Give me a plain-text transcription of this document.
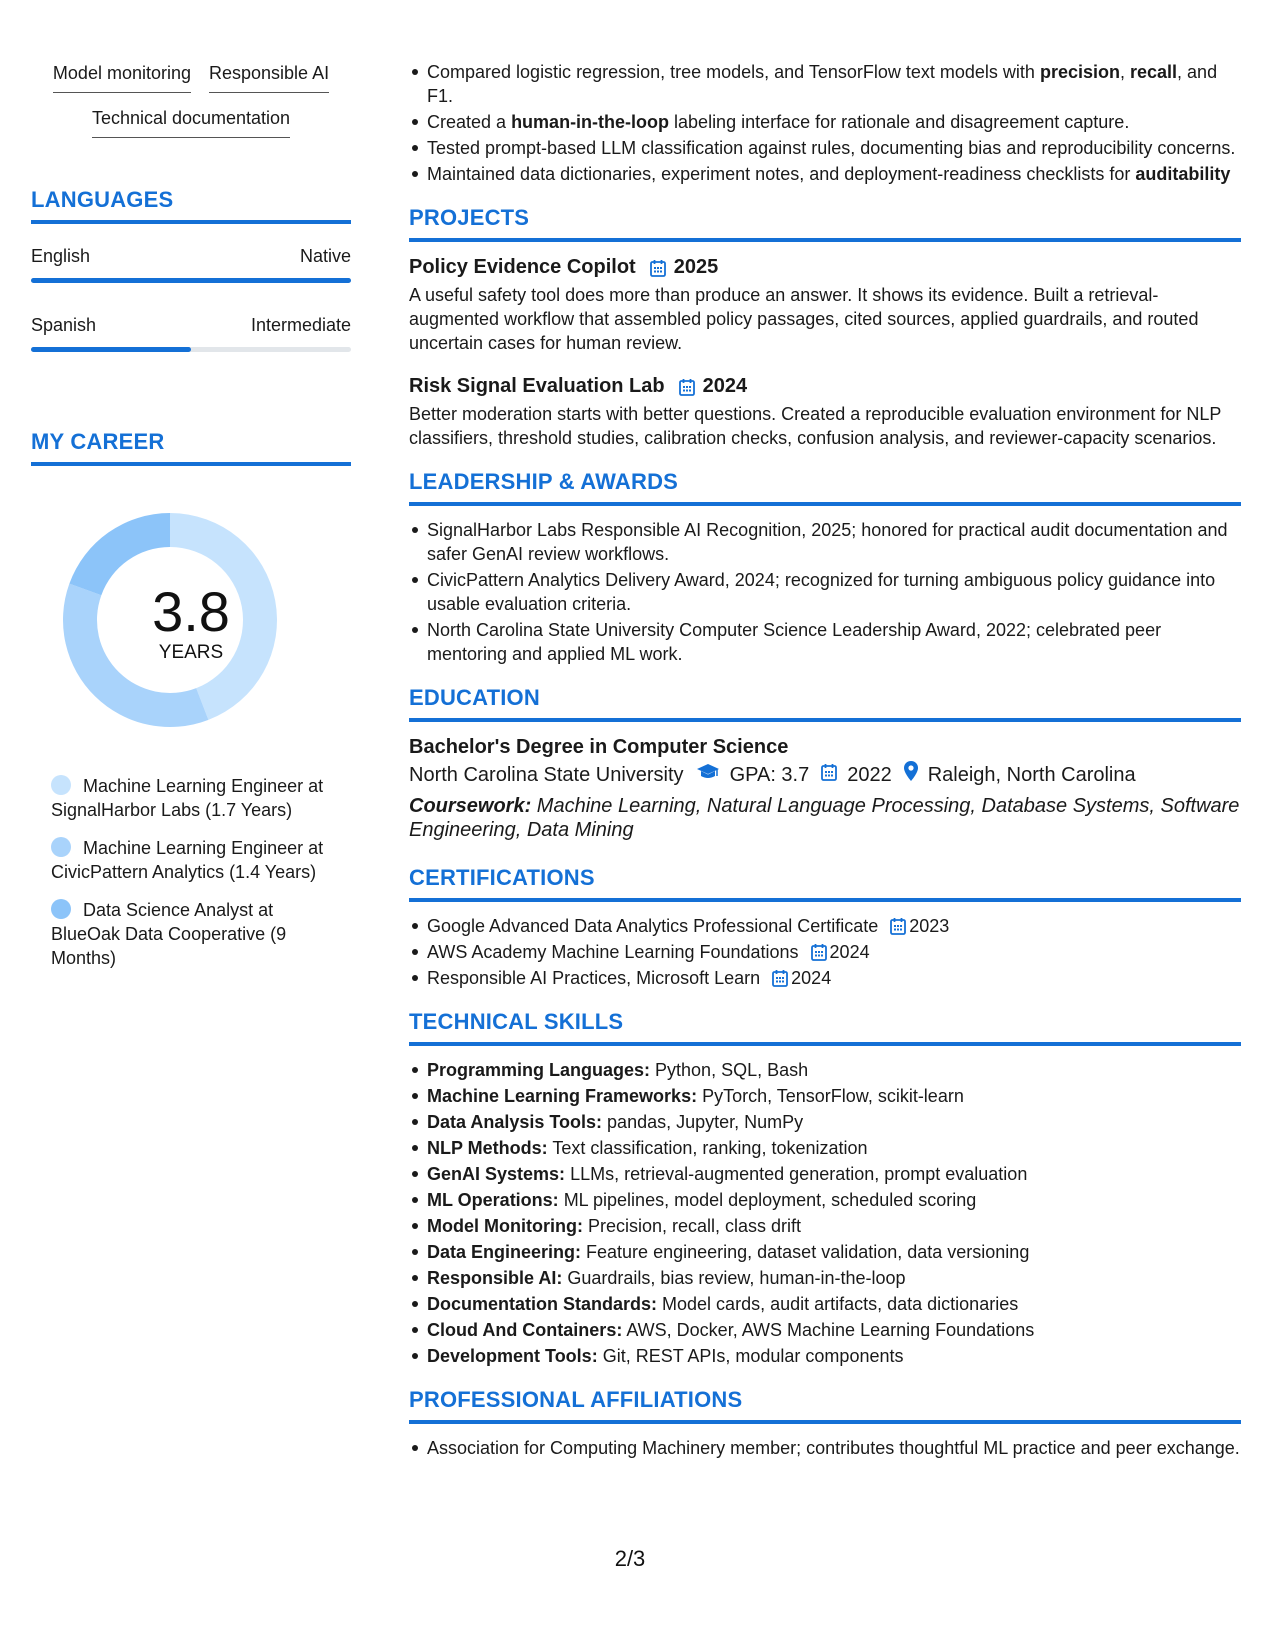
Model monitoring Responsible AI
Technical documentation
LANGUAGES
English	Native
Spanish	Intermediate
MY CAREER
3.8
YEARS
Machine Learning Engineer at SignalHarbor Labs (1.7 Years)
Machine Learning Engineer at CivicPattern Analytics (1.4 Years)
Data Science Analyst at BlueOak Data Cooperative (9 Months)
Compared logistic regression, tree models, and TensorFlow text models with precision, recall, and F1.
Created a human-in-the-loop labeling interface for rationale and disagreement capture.
Tested prompt-based LLM classification against rules, documenting bias and reproducibility concerns.
Maintained data dictionaries, experiment notes, and deployment-readiness checklists for auditability
PROJECTS
Policy Evidence Copilot 2025
A useful safety tool does more than produce an answer. It shows its evidence. Built a retrieval-augmented workflow that assembled policy passages, cited sources, applied guardrails, and routed uncertain cases for human review.
Risk Signal Evaluation Lab 2024
Better moderation starts with better questions. Created a reproducible evaluation environment for NLP classifiers, threshold studies, calibration checks, confusion analysis, and reviewer-capacity scenarios.
LEADERSHIP & AWARDS
SignalHarbor Labs Responsible AI Recognition, 2025; honored for practical audit documentation and safer GenAI review workflows.
CivicPattern Analytics Delivery Award, 2024; recognized for turning ambiguous policy guidance into usable evaluation criteria.
North Carolina State University Computer Science Leadership Award, 2022; celebrated peer mentoring and applied ML work.
EDUCATION
Bachelor's Degree in Computer Science
North Carolina State University GPA: 3.7 2022 Raleigh, North Carolina
Coursework: Machine Learning, Natural Language Processing, Database Systems, Software Engineering, Data Mining
CERTIFICATIONS
Google Advanced Data Analytics Professional Certificate 2023
AWS Academy Machine Learning Foundations 2024
Responsible AI Practices, Microsoft Learn 2024
TECHNICAL SKILLS
Programming Languages: Python, SQL, Bash
Machine Learning Frameworks: PyTorch, TensorFlow, scikit-learn
Data Analysis Tools: pandas, Jupyter, NumPy
NLP Methods: Text classification, ranking, tokenization
GenAI Systems: LLMs, retrieval-augmented generation, prompt evaluation
ML Operations: ML pipelines, model deployment, scheduled scoring
Model Monitoring: Precision, recall, class drift
Data Engineering: Feature engineering, dataset validation, data versioning
Responsible AI: Guardrails, bias review, human-in-the-loop
Documentation Standards: Model cards, audit artifacts, data dictionaries
Cloud And Containers: AWS, Docker, AWS Machine Learning Foundations
Development Tools: Git, REST APIs, modular components
PROFESSIONAL AFFILIATIONS
Association for Computing Machinery member; contributes thoughtful ML practice and peer exchange.
2/3
